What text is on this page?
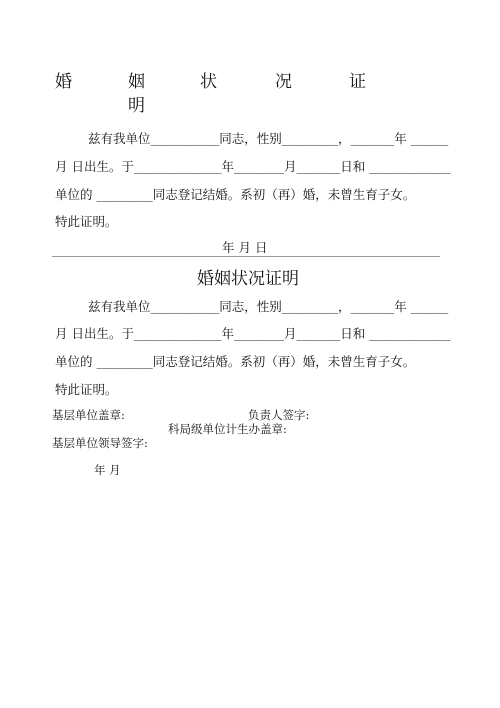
婚	姻	状	况	证
明
兹有我单位___________同志，性别_________，_______年 ______
月 日出生。于______________年________月_______日和 _____________
单位的 _________同志登记结婚。系初（再）婚，未曾生育子女。
特此证明。
年 月 日
婚姻状况证明
兹有我单位___________同志，性别_________，_______年 ______
月 日出生。于______________年________月_______日和 _____________
单位的 _________同志登记结婚。系初（再）婚，未曾生育子女。
特此证明。
基层单位盖章:	负责人签字:
科局级单位计生办盖章:
基层单位领导签字:
年 月
